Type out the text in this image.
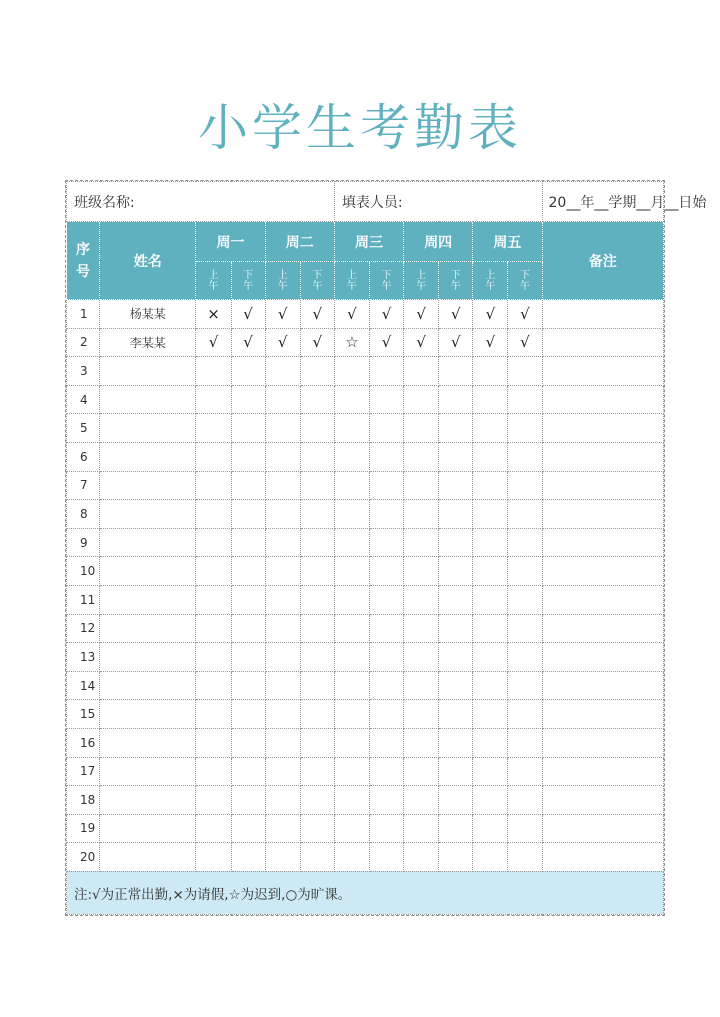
小学生考勤表
班级名称:						填表人员:						20__年__学期__月__日始
序号	姓名	周一		周二		周三		周四		周五		备注
		上午	下午	上午	下午	上午	下午	上午	下午	上午	下午	
1	杨某某	×	√	√	√	√	√	√	√	√	√	
2	李某某	√	√	√	√	☆	√	√	√	√	√	
3												
4												
5												
6												
7												
8												
9												
10												
11												
12												
13												
14												
15												
16												
17												
18												
19												
20												
注:√为正常出勤,×为请假,☆为迟到,○为旷课。												
